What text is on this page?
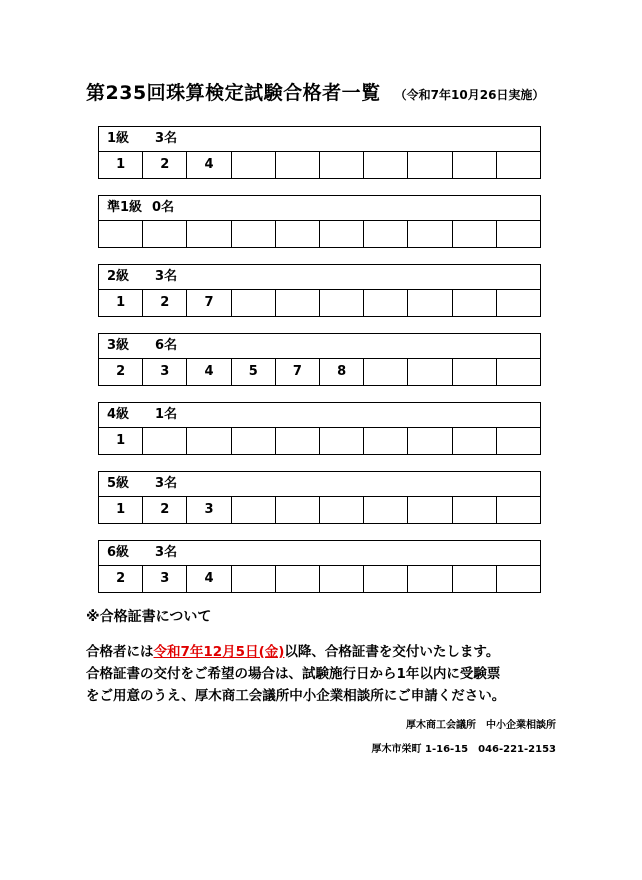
第235回珠算検定試験合格者一覧 （令和7年10月26日実施）
1級 3名
1	2	4
準1級 0名
2級 3名
1	2	7
3級 6名
2	3	4	5	7	8
4級 1名
1
5級 3名
1	2	3
6級 3名
2	3	4
※合格証書について
合格者には令和7年12月5日(金)以降、合格証書を交付いたします。
合格証書の交付をご希望の場合は、試験施行日から1年以内に受験票
をご用意のうえ、厚木商工会議所中小企業相談所にご申請ください。
厚木商工会議所　中小企業相談所
厚木市栄町 1-16-15　046-221-2153
